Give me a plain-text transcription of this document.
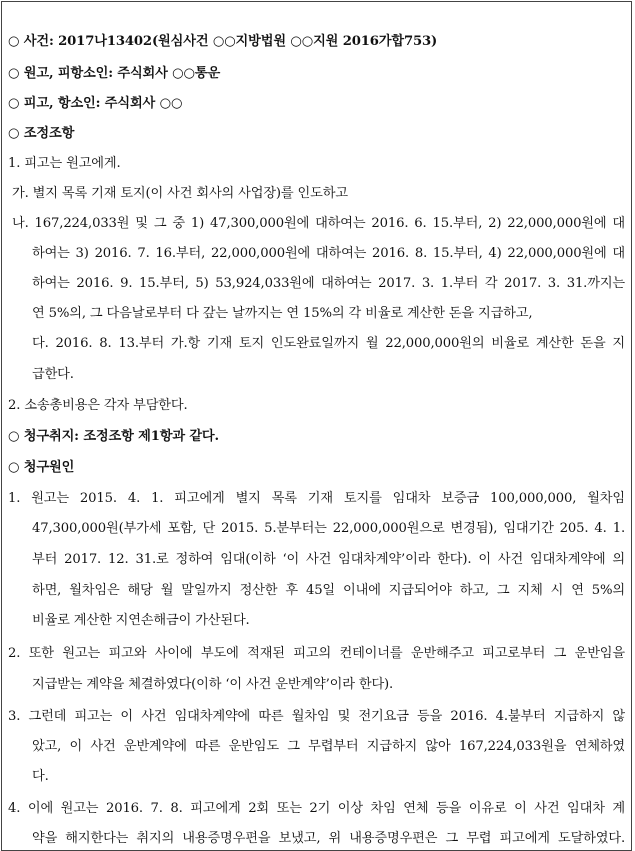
○ 사건: 2017나13402(원심사건 ○○지방법원 ○○지원 2016가합753)
○ 원고, 피항소인: 주식회사 ○○통운
○ 피고, 항소인: 주식회사 ○○
○ 조정조항
1. 피고는 원고에게.
가. 별지 목록 기재 토지(이 사건 회사의 사업장)를 인도하고
나. 167,224,033원 및 그 중 1) 47,300,000원에 대하여는 2016. 6. 15.부터, 2) 22,000,000원에 대
하여는 3) 2016. 7. 16.부터, 22,000,000원에 대하여는 2016. 8. 15.부터, 4) 22,000,000원에 대
하여는 2016. 9. 15.부터, 5) 53,924,033원에 대하여는 2017. 3. 1.부터 각 2017. 3. 31.까지는
연 5%의, 그 다음날로부터 다 갚는 날까지는 연 15%의 각 비율로 계산한 돈을 지급하고,
다. 2016. 8. 13.부터 가.항 기재 토지 인도완료일까지 월 22,000,000원의 비율로 계산한 돈을 지
급한다.
2. 소송총비용은 각자 부담한다.
○ 청구취지: 조정조항 제1항과 같다.
○ 청구원인
1. 원고는 2015. 4. 1. 피고에게 별지 목록 기재 토지를 임대차 보증금 100,000,000, 월차임
47,300,000원(부가세 포함, 단 2015. 5.분부터는 22,000,000원으로 변경됨), 임대기간 205. 4. 1.
부터 2017. 12. 31.로 정하여 임대(이하 ‘이 사건 임대차계약’이라 한다). 이 사건 임대차계약에 의
하면, 월차임은 해당 월 말일까지 정산한 후 45일 이내에 지급되어야 하고, 그 지체 시 연 5%의
비율로 계산한 지연손해금이 가산된다.
2. 또한 원고는 피고와 사이에 부도에 적재된 피고의 컨테이너를 운반해주고 피고로부터 그 운반임을
지급받는 계약을 체결하였다(이하 ‘이 사건 운반계약’이라 한다).
3. 그런데 피고는 이 사건 임대차계약에 따른 월차임 및 전기요금 등을 2016. 4.불부터 지급하지 않
았고, 이 사건 운반계약에 따른 운반임도 그 무렵부터 지급하지 않아 167,224,033원을 연체하였
다.
4. 이에 원고는 2016. 7. 8. 피고에게 2회 또는 2기 이상 차임 연체 등을 이유로 이 사건 임대차 계
약을 해지한다는 취지의 내용증명우편을 보냈고, 위 내용증명우편은 그 무렵 피고에게 도달하였다.
